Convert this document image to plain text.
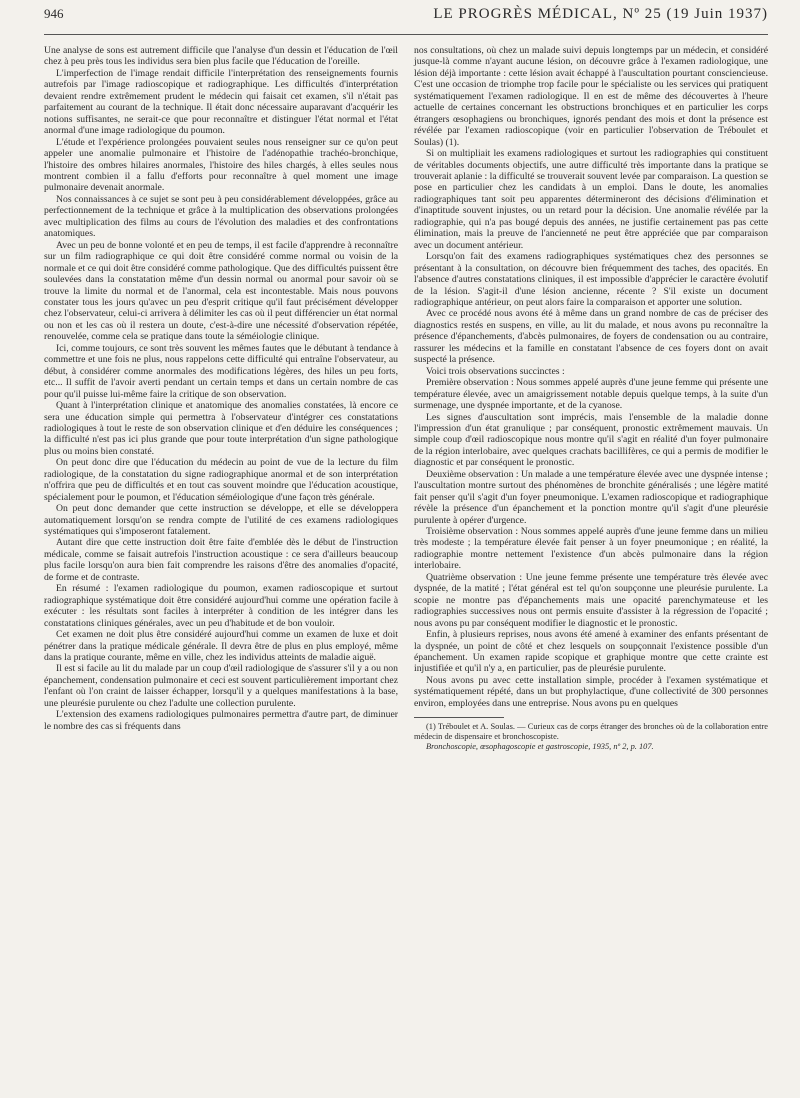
946	LE PROGRÈS MÉDICAL, Nº 25 (19 Juin 1937)

Une analyse de sons est autrement difficile que l'analyse d'un dessin et l'éducation de l'œil chez à peu près tous les individus sera bien plus facile que l'éducation de l'oreille.

L'imperfection de l'image rendait difficile l'interprétation des renseignements fournis autrefois par l'image radioscopique et radiographique. Les difficultés d'interprétation devaient rendre extrêmement prudent le médecin qui faisait cet examen, s'il n'était pas parfaitement au courant de la technique. Il était donc nécessaire auparavant d'acquérir les notions suffisantes, ne serait-ce que pour reconnaître et distinguer l'état normal et l'état anormal d'une image radiologique du poumon.

L'étude et l'expérience prolongées pouvaient seules nous renseigner sur ce qu'on peut appeler une anomalie pulmonaire et l'histoire de l'adénopathie trachéo-bronchique, l'histoire des ombres hilaires anormales, l'histoire des hiles chargés, à elles seules nous montrent combien il a fallu d'efforts pour reconnaître à quel moment une image pulmonaire devenait anormale.

Nos connaissances à ce sujet se sont peu à peu considérablement développées, grâce au perfectionnement de la technique et grâce à la multiplication des observations prolongées avec multiplication des films au cours de l'évolution des maladies et des confrontations anatomiques.

Avec un peu de bonne volonté et en peu de temps, il est facile d'apprendre à reconnaître sur un film radiographique ce qui doit être considéré comme normal ou voisin de la normale et ce qui doit être considéré comme pathologique. Que des difficultés puissent être soulevées dans la constatation même d'un dessin normal ou anormal pour savoir où se trouve la limite du normal et de l'anormal, cela est incontestable. Mais nous pouvons constater tous les jours qu'avec un peu d'esprit critique qu'il faut précisément développer chez l'observateur, celui-ci arrivera à délimiter les cas où il peut différencier un état normal ou non et les cas où il restera un doute, c'est-à-dire une nécessité d'observation répétée, renouvelée, comme cela se pratique dans toute la séméiologie clinique.

Ici, comme toujours, ce sont très souvent les mêmes fautes que le débutant à tendance à commettre et une fois ne plus, nous rappelons cette difficulté qui entraîne l'observateur, au début, à considérer comme anormales des modifications légères, des hiles un peu forts, etc... Il suffit de l'avoir averti pendant un certain temps et dans un certain nombre de cas pour qu'il puisse lui-même faire la critique de son observation.

Quant à l'interprétation clinique et anatomique des anomalies constatées, là encore ce sera une éducation simple qui permettra à l'observateur d'intégrer ces constatations radiologiques à tout le reste de son observation clinique et d'en déduire les conséquences ; la difficulté n'est pas ici plus grande que pour toute interprétation d'un signe pathologique plus ou moins bien constaté.

On peut donc dire que l'éducation du médecin au point de vue de la lecture du film radiologique, de la constatation du signe radiographique anormal et de son interprétation n'offrira que peu de difficultés et en tout cas souvent moindre que l'éducation acoustique, spécialement pour le poumon, et l'éducation séméiologique d'une façon très générale.

On peut donc demander que cette instruction se développe, et elle se développera automatiquement lorsqu'on se rendra compte de l'utilité de ces examens radiologiques systématiques qui s'imposeront fatalement.

Autant dire que cette instruction doit être faite d'emblée dès le début de l'instruction médicale, comme se faisait autrefois l'instruction acoustique : ce sera d'ailleurs beaucoup plus facile lorsqu'on aura bien fait comprendre les raisons d'être des anomalies d'opacité, de forme et de contraste.

En résumé : l'examen radiologique du poumon, examen radioscopique et surtout radiographique systématique doit être considéré aujourd'hui comme une opération facile à exécuter : les résultats sont faciles à interpréter à condition de les intégrer dans les constatations cliniques générales, avec un peu d'habitude et de bon vouloir.

Cet examen ne doit plus être considéré aujourd'hui comme un examen de luxe et doit pénétrer dans la pratique médicale générale. Il devra être de plus en plus employé, même dans la pratique courante, même en ville, chez les individus atteints de maladie aiguë.

Il est si facile au lit du malade par un coup d'œil radiologique de s'assurer s'il y a ou non épanchement, condensation pulmonaire et ceci est souvent particulièrement important chez l'enfant où l'on craint de laisser échapper, lorsqu'il y a quelques manifestations à la base, une pleurésie purulente ou chez l'adulte une collection purulente.

L'extension des examens radiologiques pulmonaires permettra d'autre part, de diminuer le nombre des cas si fréquents dans

nos consultations, où chez un malade suivi depuis longtemps par un médecin, et considéré jusque-là comme n'ayant aucune lésion, on découvre grâce à l'examen radiologique, une lésion déjà importante : cette lésion avait échappé à l'auscultation pourtant consciencieuse. C'est une occasion de triomphe trop facile pour le spécialiste ou les services qui pratiquent systématiquement l'examen radiologique. Il en est de même des découvertes à l'heure actuelle de certaines concernant les obstructions bronchiques et en particulier les corps étrangers œsophagiens ou bronchiques, ignorés pendant des mois et dont la présence est révélée par l'examen radioscopique (voir en particulier l'observation de Tréboulet et Soulas) (1).

Si on multipliait les examens radiologiques et surtout les radiographies qui constituent de véritables documents objectifs, une autre difficulté très importante dans la pratique se trouverait aplanie : la difficulté se trouverait souvent levée par comparaison. La question se pose en particulier chez les candidats à un emploi. Dans le doute, les anomalies radiographiques tant soit peu apparentes détermineront des décisions d'élimination et d'inaptitude souvent injustes, ou un retard pour la décision. Une anomalie révélée par la radiographie, qui n'a pas bougé depuis des années, ne justifie certainement pas pas cette élimination, mais la preuve de l'ancienneté ne peut être appréciée que par comparaison avec un document antérieur.

Lorsqu'on fait des examens radiographiques systématiques chez des personnes se présentant à la consultation, on découvre bien fréquemment des taches, des opacités. En l'absence d'autres constatations cliniques, il est impossible d'apprécier le caractère évolutif de la lésion. S'agit-il d'une lésion ancienne, récente ? S'il existe un document radiographique antérieur, on peut alors faire la comparaison et apporter une solution.

Avec ce procédé nous avons été à même dans un grand nombre de cas de préciser des diagnostics restés en suspens, en ville, au lit du malade, et nous avons pu reconnaître la présence d'épanchements, d'abcès pulmonaires, de foyers de condensation ou au contraire, rassurer les médecins et la famille en constatant l'absence de ces foyers dont on avait suspecté la présence.

Voici trois observations succinctes :

Première observation : Nous sommes appelé auprès d'une jeune femme qui présente une température élevée, avec un amaigrissement notable depuis quelque temps, à la suite d'un surmenage, une dyspnée importante, et de la cyanose.

Les signes d'auscultation sont imprécis, mais l'ensemble de la maladie donne l'impression d'un état granulique ; par conséquent, pronostic extrêmement mauvais. Un simple coup d'œil radioscopique nous montre qu'il s'agit en réalité d'un foyer pulmonaire de la région interlobaire, avec quelques crachats bacillifères, ce qui a permis de modifier le diagnostic et par conséquent le pronostic.

Deuxième observation : Un malade a une température élevée avec une dyspnée intense ; l'auscultation montre surtout des phénomènes de bronchite généralisés ; une légère matité fait penser qu'il s'agit d'un foyer pneumonique. L'examen radioscopique et radiographique révèle la présence d'un épanchement et la ponction montre qu'il s'agit d'une pleurésie purulente à opérer d'urgence.

Troisième observation : Nous sommes appelé auprès d'une jeune femme dans un milieu très modeste ; la température élevée fait penser à un foyer pneumonique ; en réalité, la radiographie montre nettement l'existence d'un abcès pulmonaire dans la région interlobaire.

Quatrième observation : Une jeune femme présente une température très élevée avec dyspnée, de la matité ; l'état général est tel qu'on soupçonne une pleurésie purulente. La scopie ne montre pas d'épanchements mais une opacité parenchymateuse et les radiographies successives nous ont permis ensuite d'assister à la régression de l'opacité ; nous avons pu par conséquent modifier le diagnostic et le pronostic.

Enfin, à plusieurs reprises, nous avons été amené à examiner des enfants présentant de la dyspnée, un point de côté et chez lesquels on soupçonnait l'existence possible d'un épanchement. Un examen rapide scopique et graphique montre que cette crainte est injustifiée et qu'il n'y a, en particulier, pas de pleurésie purulente.

Nous avons pu avec cette installation simple, procéder à l'examen systématique et systématiquement répété, dans un but prophylactique, d'une collectivité de 300 personnes environ, employées dans une entreprise. Nous avons pu en quelques

(1) Tréboulet et A. Soulas. — Curieux cas de corps étranger des bronches où de la collaboration entre médecin de dispensaire et bronchoscopiste.

Bronchoscopie, œsophagoscopie et gastroscopie, 1935, nº 2, p. 107.
